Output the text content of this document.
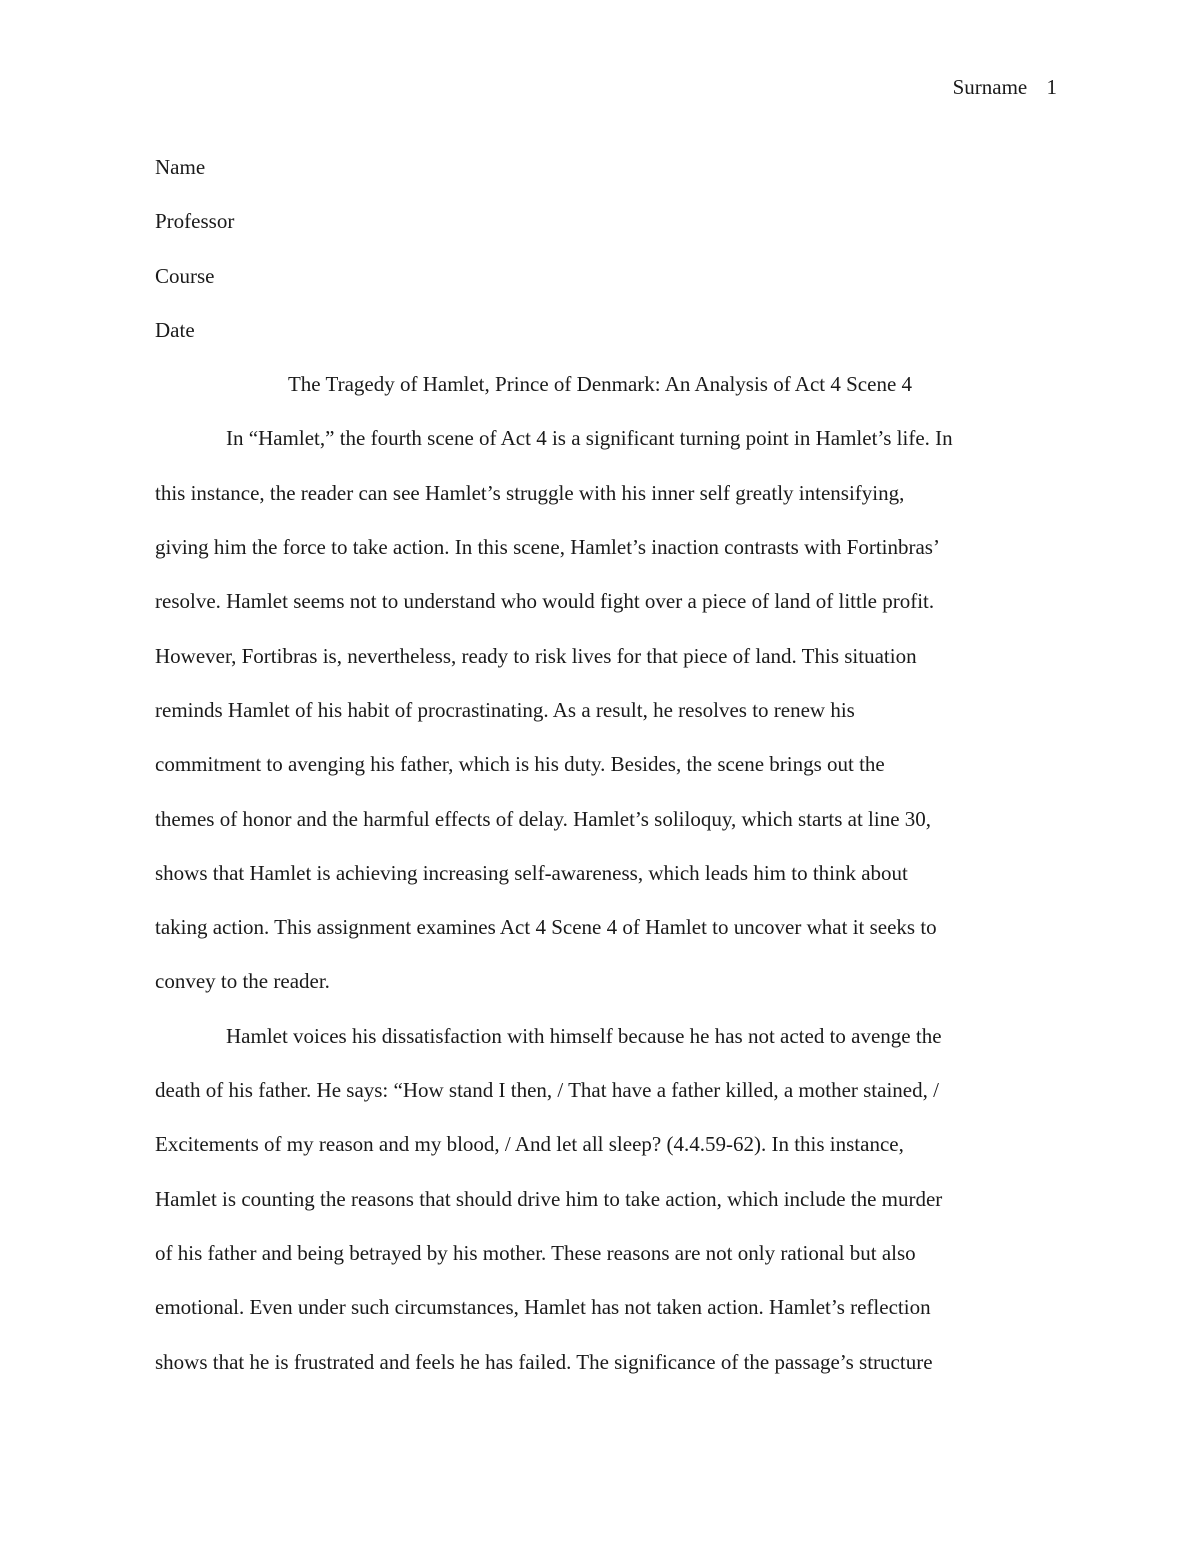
Surname 1
Name
Professor
Course
Date
The Tragedy of Hamlet, Prince of Denmark: An Analysis of Act 4 Scene 4
In “Hamlet,” the fourth scene of Act 4 is a significant turning point in Hamlet’s life. In
this instance, the reader can see Hamlet’s struggle with his inner self greatly intensifying,
giving him the force to take action. In this scene, Hamlet’s inaction contrasts with Fortinbras’
resolve. Hamlet seems not to understand who would fight over a piece of land of little profit.
However, Fortibras is, nevertheless, ready to risk lives for that piece of land. This situation
reminds Hamlet of his habit of procrastinating. As a result, he resolves to renew his
commitment to avenging his father, which is his duty. Besides, the scene brings out the
themes of honor and the harmful effects of delay. Hamlet’s soliloquy, which starts at line 30,
shows that Hamlet is achieving increasing self-awareness, which leads him to think about
taking action. This assignment examines Act 4 Scene 4 of Hamlet to uncover what it seeks to
convey to the reader.
Hamlet voices his dissatisfaction with himself because he has not acted to avenge the
death of his father. He says: “How stand I then, / That have a father killed, a mother stained, /
Excitements of my reason and my blood, / And let all sleep? (4.4.59-62). In this instance,
Hamlet is counting the reasons that should drive him to take action, which include the murder
of his father and being betrayed by his mother. These reasons are not only rational but also
emotional. Even under such circumstances, Hamlet has not taken action. Hamlet’s reflection
shows that he is frustrated and feels he has failed. The significance of the passage’s structure
